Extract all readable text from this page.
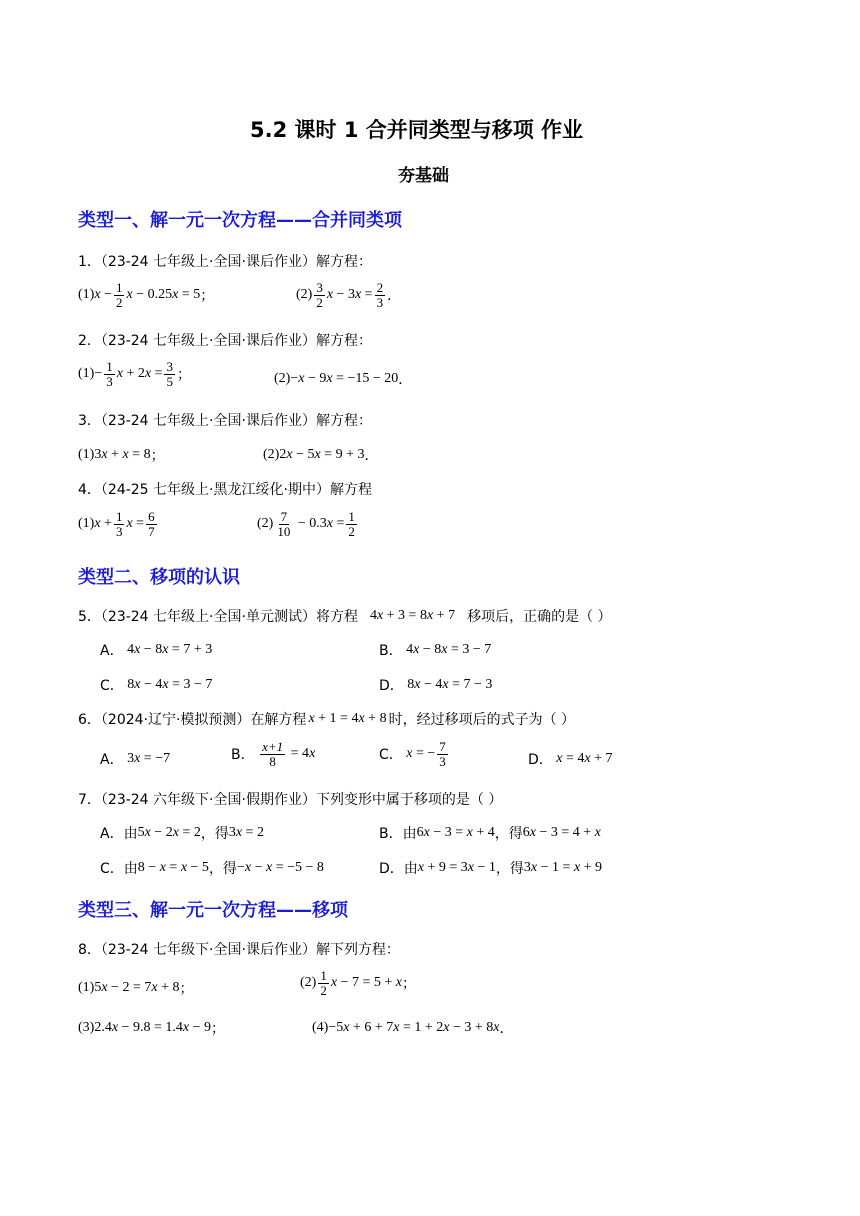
5.2 课时 1 合并同类型与移项 作业
夯基础
类型一、解一元一次方程——合并同类项
1．（23-24 七年级上·全国·课后作业）解方程：
(1) $x - \frac{1}{2}$ x − 0.25 x = 5 ；	$(2) \frac{3}{2}$ x − 3 $x = \frac{2}{3}$ ．
2．（23-24 七年级上·全国·课后作业）解方程：
$(1) - \frac{1}{3}$ x + 2 $x = \frac{3}{5}$ ；	(2) − x − 9 x = −15 − 20 ．
3．（23-24 七年级上·全国·课后作业）解方程：
(1) 3 x + x = 8 ；	(2) 2 x − 5 x = 9 + 3 ．
4．（24-25 七年级上·黑龙江绥化·期中）解方程
(1) $x + \frac{1}{3}$ $x = \frac{6}{7}$	$(2) \frac{7}{10} - 0.3$ $x = \frac{1}{2}$
类型二、移项的认识
5．（23-24 七年级上·全国·单元测试）将方程 4 x + 3 = 8 x + 7 移项后，正确的是（ ）
A． 4 x − 8 x = 7 + 3	B． 4 x − 8 x = 3 − 7
C． 8 x − 4 x = 3 − 7	D． 8 x − 4 x = 7 − 3
6．（2024·辽宁·模拟预测）在解方程 x + 1 = 4 x + 8 时，经过移项后的式子为（ ）
A． 3 x = −7	B．
$\frac{x+1}{8} = 4$ x	C．
x = − $\frac{7}{3}$	D．
x = 4 x + 7
7．（23-24 六年级下·全国·假期作业）下列变形中属于移项的是（ ）
A． 由 5 x − 2 x = 2 ，得 3 x = 2	B． 由 6 x − 3 = x + 4 ，得 6 x − 3 = 4 + x
C． 由 8 − x = x − 5 ，得 − x − x = −5 − 8	D． 由 x + 9 = 3 x − 1 ，得 3 x − 1 = x + 9
类型三、解一元一次方程——移项
8．（23-24 七年级下·全国·课后作业）解下列方程：
(1) 5 x − 2 = 7 x + 8 ；	$(2) \frac{1}{2}$ x − 7 = 5 + x ；
(3) 2.4 x − 9.8 = 1.4 x − 9 ；	(4) −5 x + 6 + 7 x = 1 + 2 x − 3 + 8 x ．
